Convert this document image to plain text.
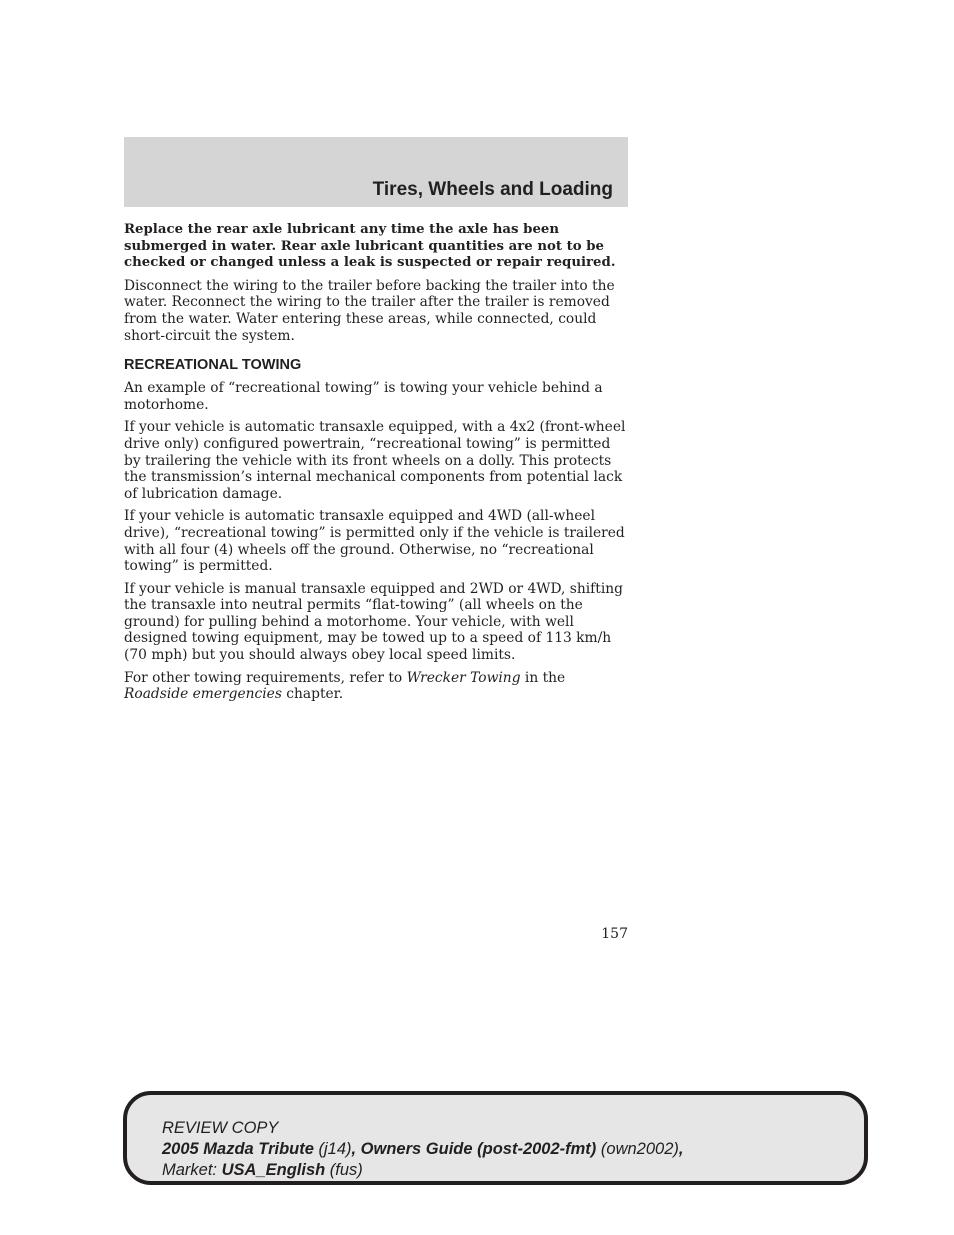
Tires, Wheels and Loading

Replace the rear axle lubricant any time the axle has been submerged in water. Rear axle lubricant quantities are not to be checked or changed unless a leak is suspected or repair required.

Disconnect the wiring to the trailer before backing the trailer into the water. Reconnect the wiring to the trailer after the trailer is removed from the water. Water entering these areas, while connected, could short-circuit the system.

RECREATIONAL TOWING

An example of “recreational towing” is towing your vehicle behind a motorhome.

If your vehicle is automatic transaxle equipped, with a 4x2 (front-wheel drive only) configured powertrain, “recreational towing” is permitted by trailering the vehicle with its front wheels on a dolly. This protects the transmission’s internal mechanical components from potential lack of lubrication damage.

If your vehicle is automatic transaxle equipped and 4WD (all-wheel drive), “recreational towing” is permitted only if the vehicle is trailered with all four (4) wheels off the ground. Otherwise, no “recreational towing” is permitted.

If your vehicle is manual transaxle equipped and 2WD or 4WD, shifting the transaxle into neutral permits “flat-towing” (all wheels on the ground) for pulling behind a motorhome. Your vehicle, with well designed towing equipment, may be towed up to a speed of 113 km/h (70 mph) but you should always obey local speed limits.

For other towing requirements, refer to Wrecker Towing in the
Roadside emergencies chapter.

157
REVIEW COPY
2005 Mazda Tribute (j14), Owners Guide (post-2002-fmt) (own2002),
Market: USA_English (fus)
